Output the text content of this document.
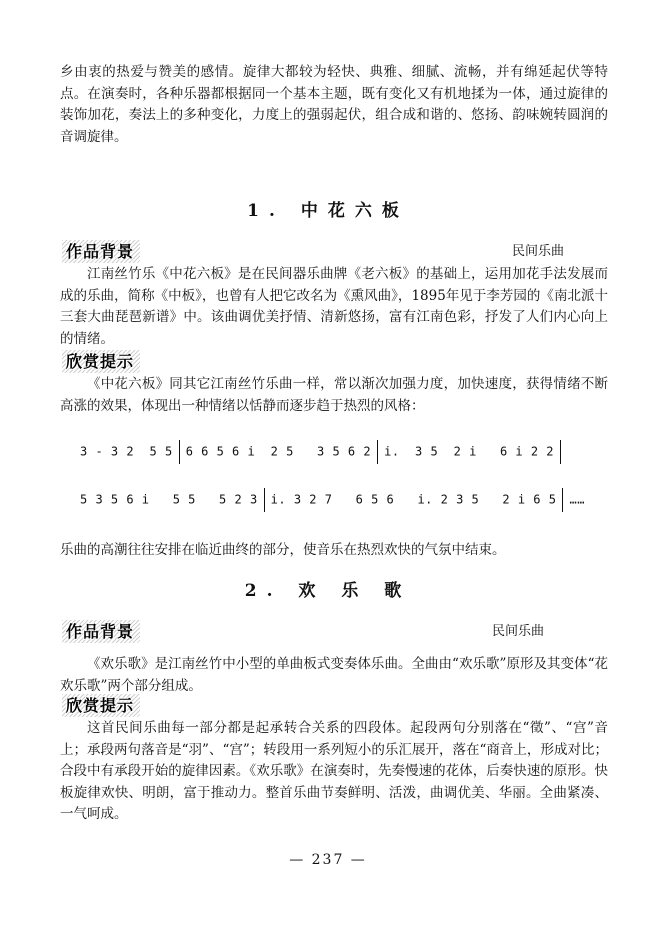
乡由衷的热爱与赞美的感情。旋律大都较为轻快、典雅、细腻、流畅，并有绵延起伏等特点。在演奏时，各种乐器都根据同一个基本主题，既有变化又有机地揉为一体，通过旋律的装饰加花，奏法上的多种变化，力度上的强弱起伏，组合成和谐的、悠扬、韵味婉转圆润的音调旋律。

1. 中花六板
作品背景	民间乐曲

江南丝竹乐《中花六板》是在民间器乐曲牌《老六板》的基础上，运用加花手法发展而成的乐曲，简称《中板》，也曾有人把它改名为《熏风曲》，1895年见于李芳园的《南北派十三套大曲琵琶新谱》中。该曲调优美抒情、清新悠扬，富有江南色彩，抒发了人们内心向上的情绪。

欣赏提示

《中花六板》同其它江南丝竹乐曲一样，常以渐次加强力度，加快速度，获得情绪不断高涨的效果，体现出一种情绪以恬静而逐步趋于热烈的风格：

3 - 3 2  5 5 6 6 5 6 i  2 5   3 5 6 2 i.  3 5  2 i   6 i 2 2
5 3 5 6 i   5 5   5 2 3 i. 3 2 7   6 5 6   i. 2 3 5   2 i 6 5 ……

乐曲的高潮往往安排在临近曲终的部分，使音乐在热烈欢快的气氛中结束。

2. 欢 乐 歌
作品背景	民间乐曲

《欢乐歌》是江南丝竹中小型的单曲板式变奏体乐曲。全曲由“欢乐歌”原形及其变体“花欢乐歌”两个部分组成。

欣赏提示

这首民间乐曲每一部分都是起承转合关系的四段体。起段两句分别落在“徵”、“宫”音上；承段两句落音是“羽”、“宫”；转段用一系列短小的乐汇展开，落在“商音上，形成对比；合段中有承段开始的旋律因素。《欢乐歌》在演奏时，先奏慢速的花体，后奏快速的原形。快板旋律欢快、明朗，富于推动力。整首乐曲节奏鲜明、活泼，曲调优美、华丽。全曲紧凑、一气呵成。

— 237 —
